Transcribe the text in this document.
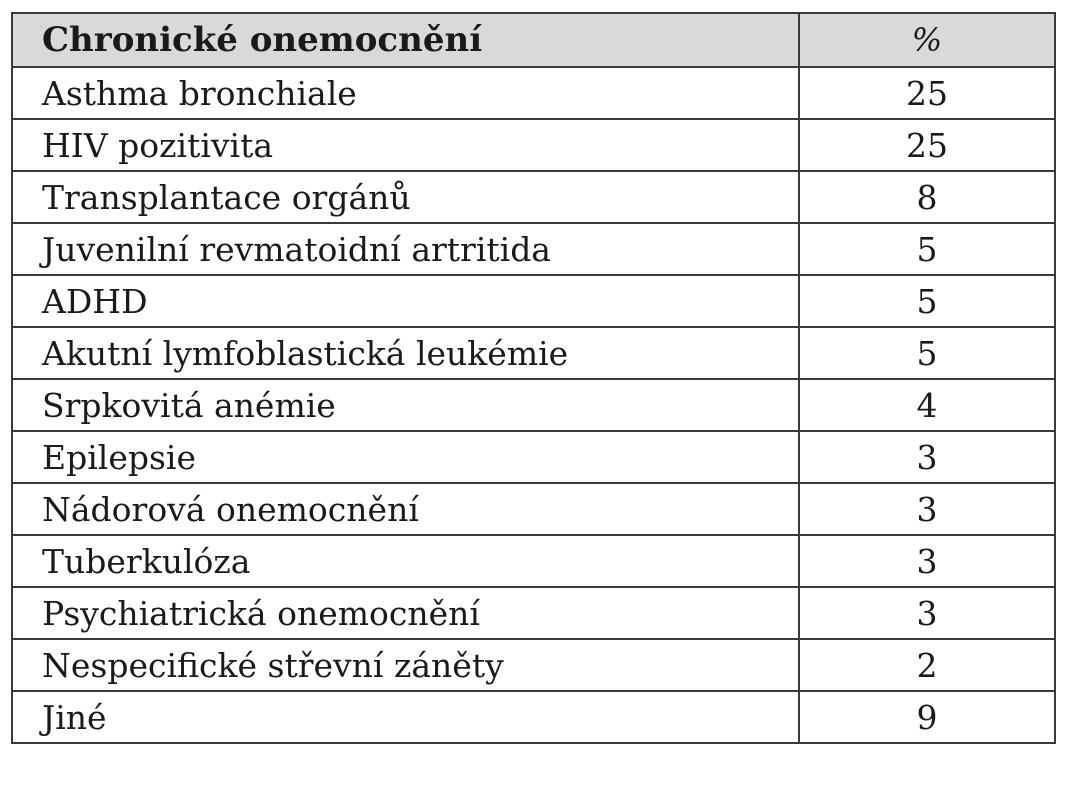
Chronické onemocnění	%
Asthma bronchiale	25
HIV pozitivita	25
Transplantace orgánů	8
Juvenilní revmatoidní artritida	5
ADHD	5
Akutní lymfoblastická leukémie	5
Srpkovitá anémie	4
Epilepsie	3
Nádorová onemocnění	3
Tuberkulóza	3
Psychiatrická onemocnění	3
Nespecifické střevní záněty	2
Jiné	9
